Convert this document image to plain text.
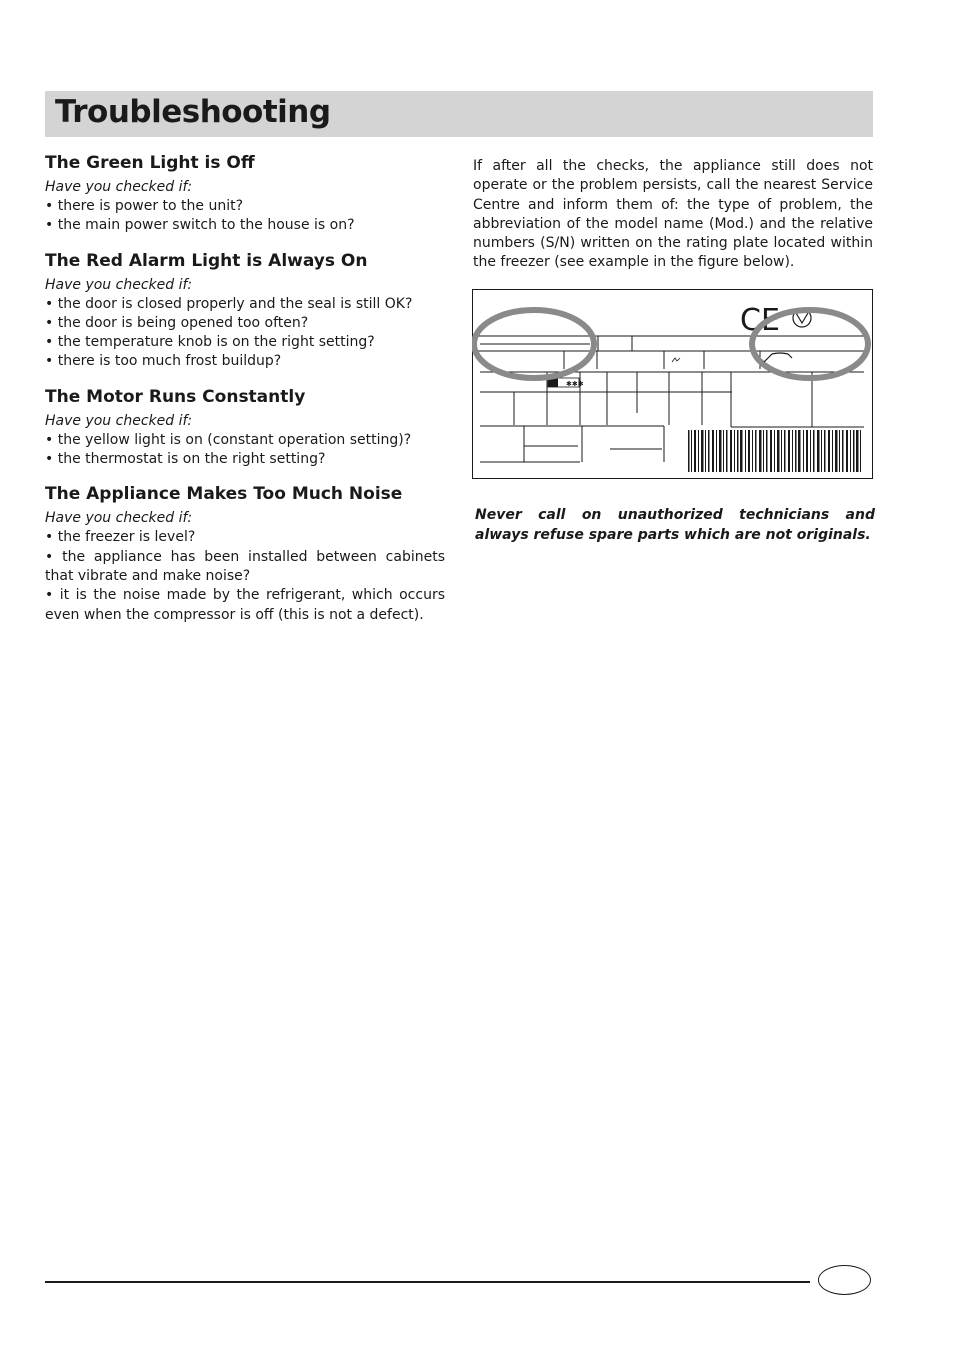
Troubleshooting
The Green Light is Off

Have you checked if:

• there is power to the unit?

• the main power switch to the house is on?

The Red Alarm Light is Always On

Have you checked if:

• the door is closed properly and the seal is still OK?

• the door is being opened too often?

• the temperature knob is on the right setting?

• there is too much frost buildup?

The Motor Runs Constantly

Have you checked if:

• the yellow light is on (constant operation setting)?

• the thermostat is on the right setting?

The Appliance Makes Too Much Noise

Have you checked if:

• the freezer is level?

• the appliance has been installed between cabinets that vibrate and make noise?

• it is the noise made by the refrigerant, which occurs even when the compressor is off (this is not a defect).

If after all the checks, the appliance still does not operate or the problem persists, call the nearest Service Centre and inform them of: the type of problem, the abbreviation of the model name (Mod.) and the relative numbers (S/N) written on the rating plate located within the freezer (see example in the figure below).

✱✱✱
CE

Never call on unauthorized technicians and always refuse spare parts which are not originals.
